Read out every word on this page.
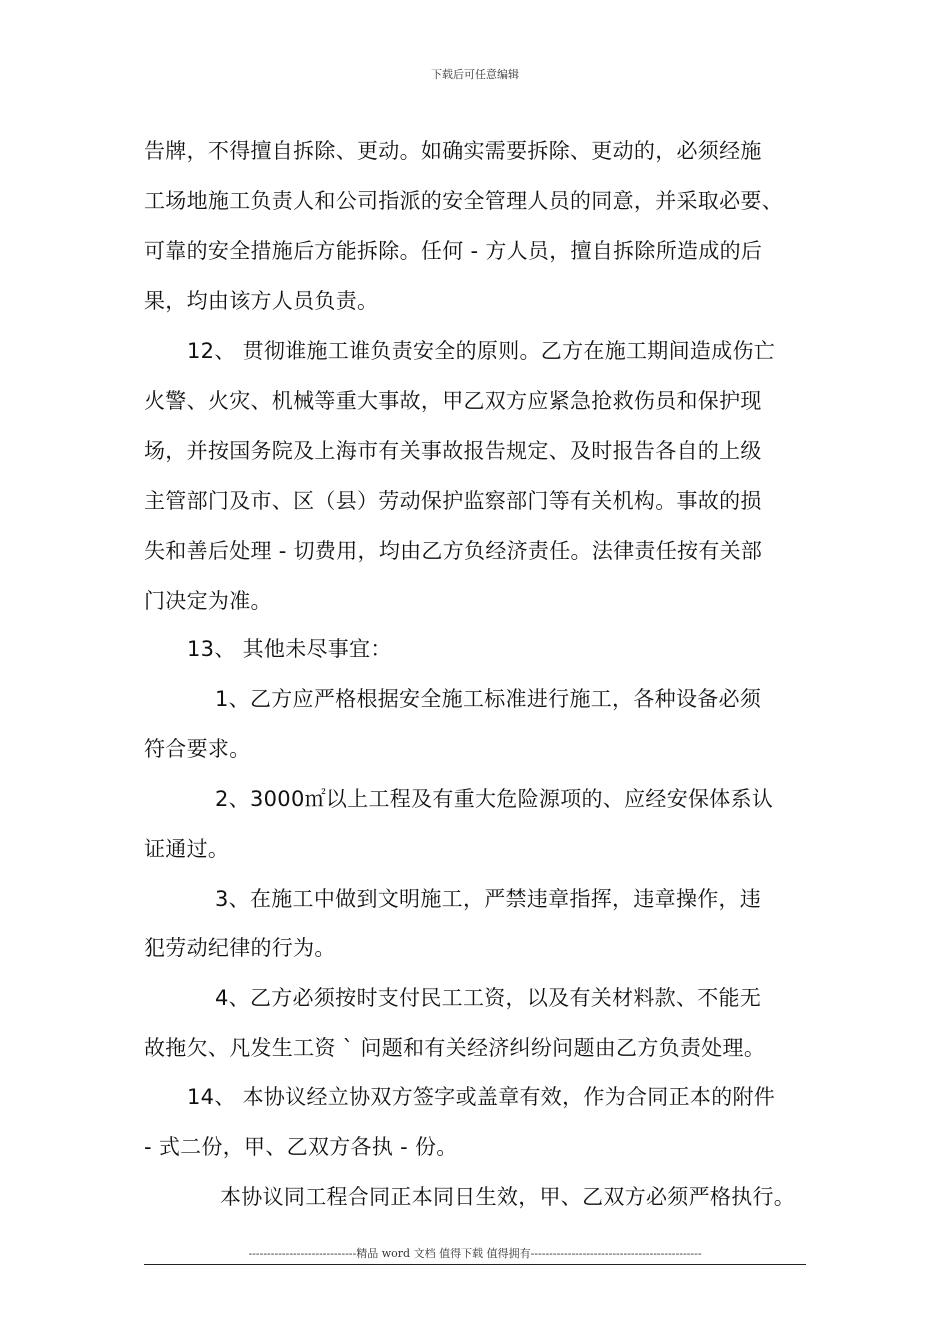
下载后可任意编辑
告牌，不得擅自拆除、更动。如确实需要拆除、更动的，必须经施
工场地施工负责人和公司指派的安全管理人员的同意，并采取必要、
可靠的安全措施后方能拆除。任何 - 方人员，擅自拆除所造成的后
果，均由该方人员负责。
12、 贯彻谁施工谁负责安全的原则。乙方在施工期间造成伤亡
火警、火灾、机械等重大事故，甲乙双方应紧急抢救伤员和保护现
场，并按国务院及上海市有关事故报告规定、及时报告各自的上级
主管部门及市、区（县）劳动保护监察部门等有关机构。事故的损
失和善后处理 - 切费用，均由乙方负经济责任。法律责任按有关部
门决定为准。
13、 其他未尽事宜：
1、乙方应严格根据安全施工标准进行施工，各种设备必须
符合要求。
2、3000㎡以上工程及有重大危险源项的、应经安保体系认
证通过。
3、在施工中做到文明施工，严禁违章指挥，违章操作，违
犯劳动纪律的行为。
4、乙方必须按时支付民工工资，以及有关材料款、不能无
故拖欠、凡发生工资 ` 问题和有关经济纠纷问题由乙方负责处理。
14、 本协议经立协双方签字或盖章有效，作为合同正本的附件
- 式二份，甲、乙双方各执 - 份。
本协议同工程合同正本同日生效，甲、乙双方必须严格执行。
-----------------------------精品 word 文档 值得下载 值得拥有----------------------------------------------
